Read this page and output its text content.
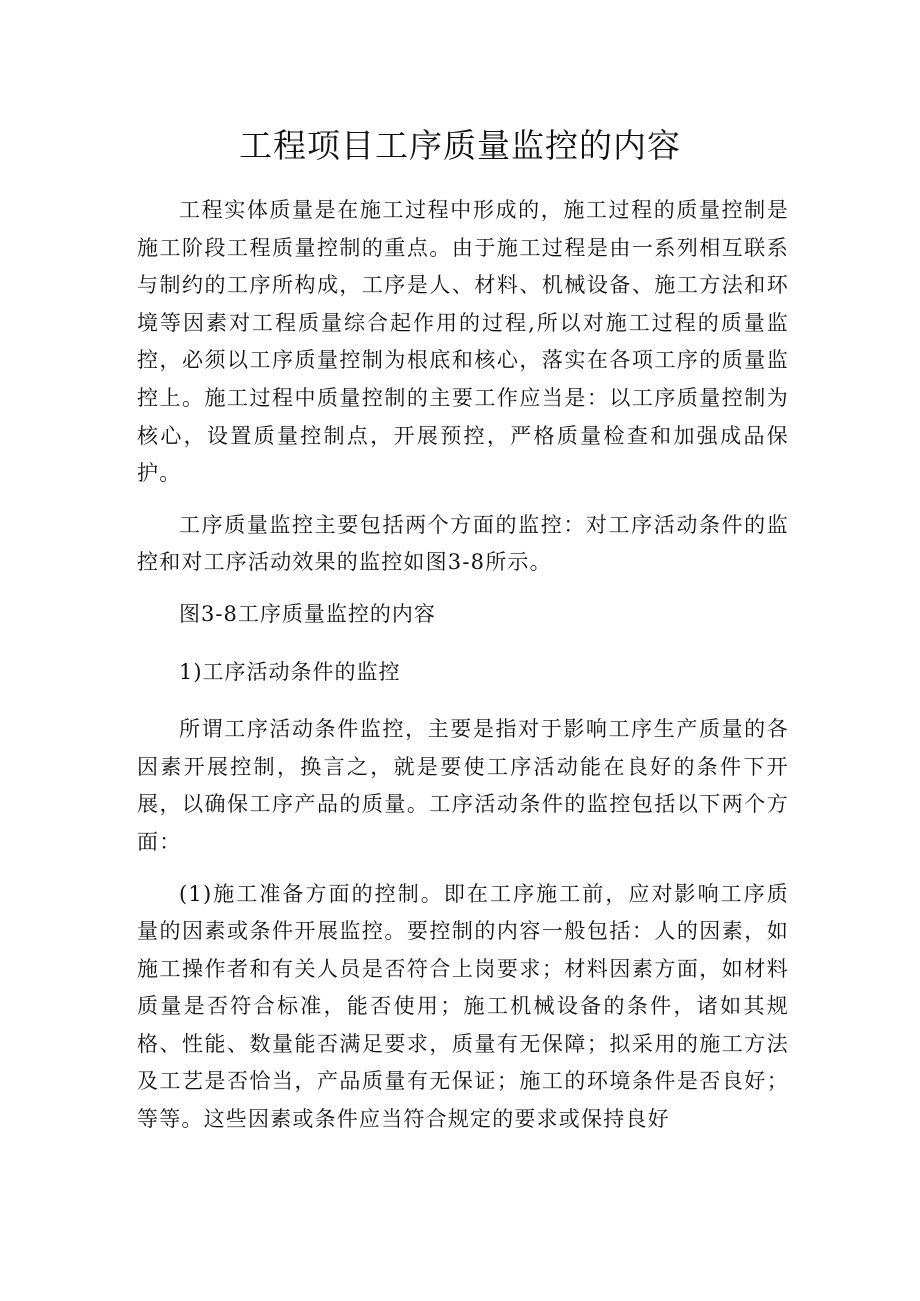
工程项目工序质量监控的内容

工程实体质量是在施工过程中形成的，施工过程的质量控制是施工阶段工程质量控制的重点。由于施工过程是由一系列相互联系与制约的工序所构成，工序是人、材料、机械设备、施工方法和环境等因素对工程质量综合起作用的过程,所以对施工过程的质量监控，必须以工序质量控制为根底和核心，落实在各项工序的质量监控上。施工过程中质量控制的主要工作应当是：以工序质量控制为核心，设置质量控制点，开展预控，严格质量检查和加强成品保护。

工序质量监控主要包括两个方面的监控：对工序活动条件的监控和对工序活动效果的监控如图3-8所示。

图3-8工序质量监控的内容

1)工序活动条件的监控

所谓工序活动条件监控，主要是指对于影响工序生产质量的各因素开展控制，换言之，就是要使工序活动能在良好的条件下开展，以确保工序产品的质量。工序活动条件的监控包括以下两个方面：

(1)施工准备方面的控制。即在工序施工前，应对影响工序质量的因素或条件开展监控。要控制的内容一般包括：人的因素，如施工操作者和有关人员是否符合上岗要求；材料因素方面，如材料质量是否符合标准，能否使用；施工机械设备的条件，诸如其规格、性能、数量能否满足要求，质量有无保障；拟采用的施工方法及工艺是否恰当，产品质量有无保证；施工的环境条件是否良好；等等。这些因素或条件应当符合规定的要求或保持良好
